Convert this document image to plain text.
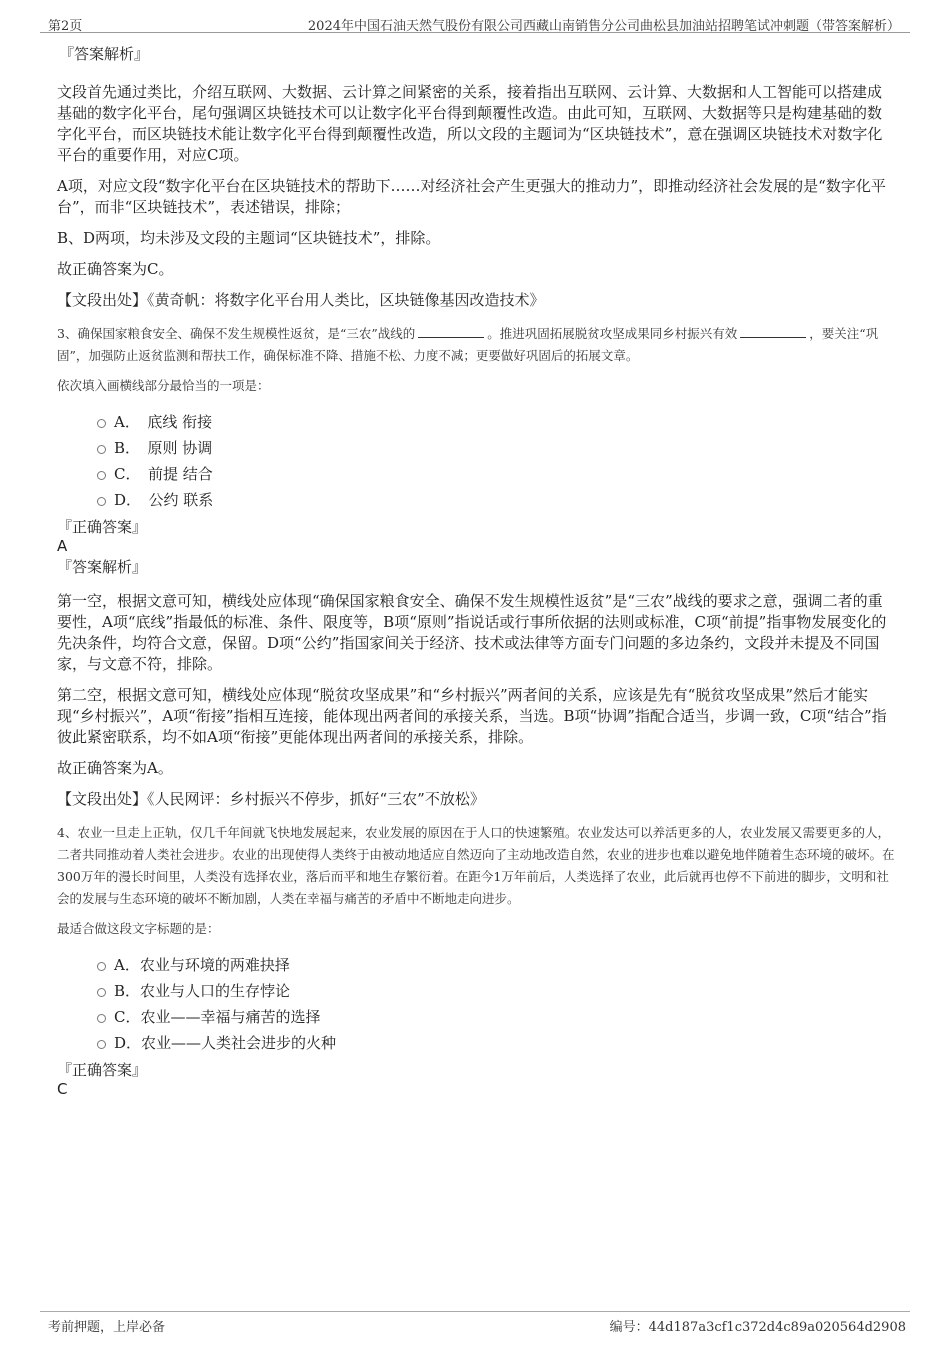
第2页	2024年中国石油天然气股份有限公司西藏山南销售分公司曲松县加油站招聘笔试冲刺题（带答案解析）

『答案解析』

文段首先通过类比，介绍互联网、大数据、云计算之间紧密的关系，接着指出互联网、云计算、大数据和人工智能可以搭建成基础的数字化平台，尾句强调区块链技术可以让数字化平台得到颠覆性改造。由此可知，互联网、大数据等只是构建基础的数字化平台，而区块链技术能让数字化平台得到颠覆性改造，所以文段的主题词为“区块链技术”，意在强调区块链技术对数字化平台的重要作用，对应C项。

A项，对应文段“数字化平台在区块链技术的帮助下……对经济社会产生更强大的推动力”，即推动经济社会发展的是“数字化平台”，而非“区块链技术”，表述错误，排除；

B、D两项，均未涉及文段的主题词“区块链技术”，排除。

故正确答案为C。

【文段出处】《黄奇帆：将数字化平台用人类比，区块链像基因改造技术》

3、确保国家粮食安全、确保不发生规模性返贫，是“三农”战线的	。推进巩固拓展脱贫攻坚成果同乡村振兴有效	，要关注“巩固”，加强防止返贫监测和帮扶工作，确保标准不降、措施不松、力度不减；更要做好巩固后的拓展文章。

依次填入画横线部分最恰当的一项是：

A．　底线 衔接
B．　原则 协调
C．　前提 结合
D．　公约 联系

『正确答案』

A

『答案解析』

第一空，根据文意可知，横线处应体现“确保国家粮食安全、确保不发生规模性返贫”是“三农”战线的要求之意，强调二者的重要性，A项“底线”指最低的标准、条件、限度等，B项“原则”指说话或行事所依据的法则或标准，C项“前提”指事物发展变化的先决条件，均符合文意，保留。D项“公约”指国家间关于经济、技术或法律等方面专门问题的多边条约，文段并未提及不同国家，与文意不符，排除。

第二空，根据文意可知，横线处应体现“脱贫攻坚成果”和“乡村振兴”两者间的关系，应该是先有“脱贫攻坚成果”然后才能实现“乡村振兴”，A项“衔接”指相互连接，能体现出两者间的承接关系，当选。B项“协调”指配合适当，步调一致，C项“结合”指彼此紧密联系，均不如A项“衔接”更能体现出两者间的承接关系，排除。

故正确答案为A。

【文段出处】《人民网评：乡村振兴不停步，抓好“三农”不放松》

4、农业一旦走上正轨，仅几千年间就飞快地发展起来，农业发展的原因在于人口的快速繁殖。农业发达可以养活更多的人，农业发展又需要更多的人，二者共同推动着人类社会进步。农业的出现使得人类终于由被动地适应自然迈向了主动地改造自然，农业的进步也难以避免地伴随着生态环境的破坏。在300万年的漫长时间里，人类没有选择农业，落后而平和地生存繁衍着。在距今1万年前后，人类选择了农业，此后就再也停不下前进的脚步，文明和社会的发展与生态环境的破坏不断加剧，人类在幸福与痛苦的矛盾中不断地走向进步。

最适合做这段文字标题的是：

A．农业与环境的两难抉择
B．农业与人口的生存悖论
C．农业——幸福与痛苦的选择
D．农业——人类社会进步的火种

『正确答案』

C

考前押题，上岸必备	编号：44d187a3cf1c372d4c89a020564d2908
